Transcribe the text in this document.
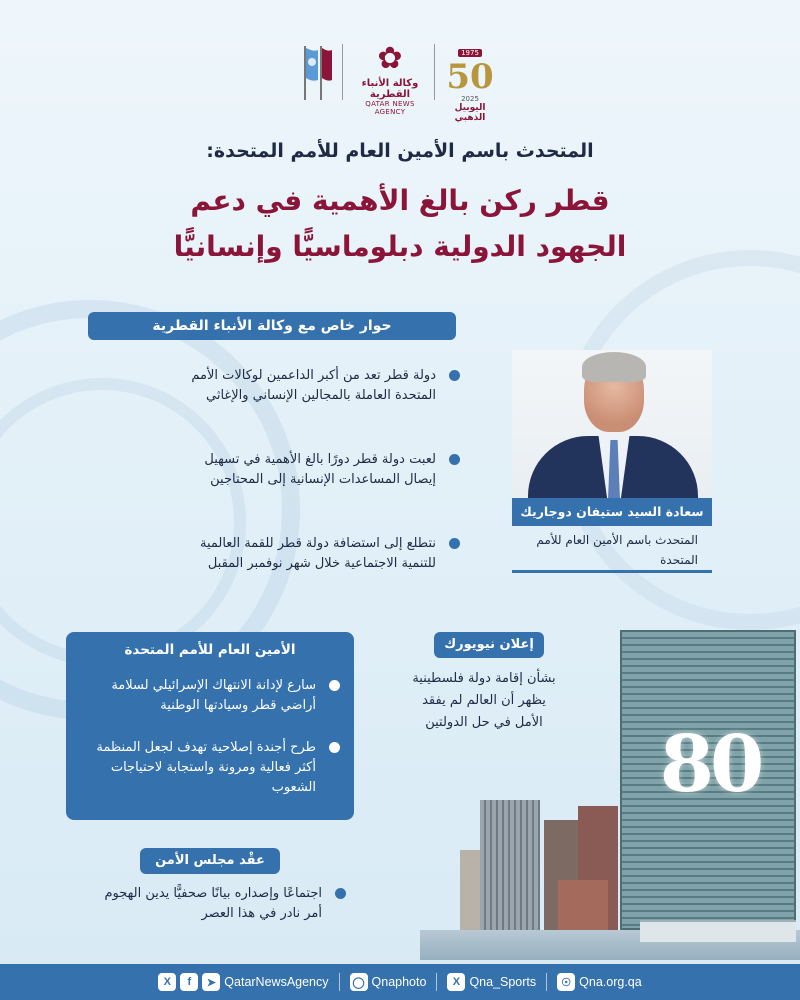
✿
وكالة الأنباء القطرية
QATAR NEWS AGENCY
1975
50
2025
اليوبيل الذهبي
المتحدث باسم الأمين العام للأمم المتحدة:
قطر ركن بالغ الأهمية في دعم
الجهود الدولية دبلوماسيًّا وإنسانيًّا
حوار خاص مع وكالة الأنباء القطرية
دولة قطر تعد من أكبر الداعمين لوكالات الأمم المتحدة العاملة بالمجالين الإنساني والإغاثي
لعبت دولة قطر دورًا بالغ الأهمية في تسهيل إيصال المساعدات الإنسانية إلى المحتاجين
نتطلع إلى استضافة دولة قطر للقمة العالمية للتنمية الاجتماعية خلال شهر نوفمبر المقبل
سعادة السيد ستيفان دوجاريك
المتحدث باسم الأمين العام للأمم المتحدة
الأمين العام للأمم المتحدة
سارع لإدانة الانتهاك الإسرائيلي لسلامة أراضي قطر وسيادتها الوطنية
طرح أجندة إصلاحية تهدف لجعل المنظمة أكثر فعالية ومرونة واستجابة لاحتياجات الشعوب
عقْد مجلس الأمن
اجتماعًا وإصداره بيانًا صحفيًّا يدين الهجوم أمر نادر في هذا العصر
إعلان نيويورك
بشأن إقامة دولة فلسطينية يظهر أن العالم لم يفقد الأمل في حل الدولتين 80
X	f	➤ QatarNewsAgency ◯ Qnaphoto	X Qna_Sports	☉ Qna.org.qa
